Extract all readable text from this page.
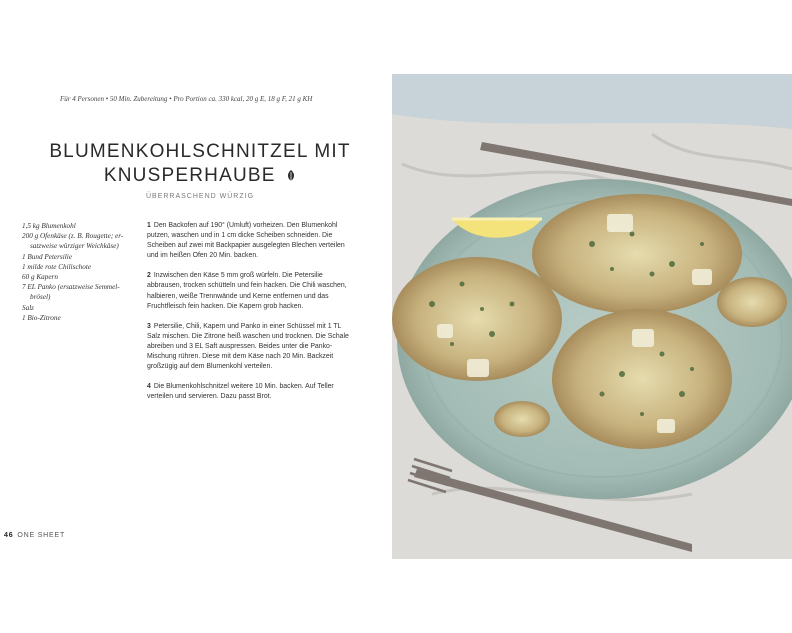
Für 4 Personen • 50 Min. Zubereitung • Pro Portion ca. 330 kcal, 20 g E, 18 g F, 21 g KH
BLUMENKOHLSCHNITZEL MIT
KNUSPERHAUBE
ÜBERRASCHEND WÜRZIG
1,5 kg Blumenkohl
200 g Ofenkäse (z. B. Rougette; er-
satzweise würziger Weichkäse)
1 Bund Petersilie
1 milde rote Chilischote
60 g Kapern
7 EL Panko (ersatzweise Semmel-
brösel)
Salz
1 Bio-Zitrone

1 Den Backofen auf 190° (Umluft) vorheizen. Den Blumenkohl putzen, waschen und in 1 cm dicke Scheiben schneiden. Die Scheiben auf zwei mit Backpapier ausgelegten Blechen verteilen und im heißen Ofen 20 Min. backen.

2 Inzwischen den Käse 5 mm groß würfeln. Die Petersilie abbrausen, trocken schütteln und fein hacken. Die Chili waschen, halbieren, weiße Trennwände und Kerne entfernen und das Fruchtfleisch fein hacken. Die Kapern grob hacken.

3 Petersilie, Chili, Kapern und Panko in einer Schüssel mit 1 TL Salz mischen. Die Zitrone heiß waschen und trocknen. Die Schale abreiben und 3 EL Saft auspressen. Beides unter die Panko-Mischung rühren. Diese mit dem Käse nach 20 Min. Backzeit großzügig auf dem Blumenkohl verteilen.

4 Die Blumenkohlschnitzel weitere 10 Min. backen. Auf Teller verteilen und servieren. Dazu passt Brot.

46 ONE SHEET
